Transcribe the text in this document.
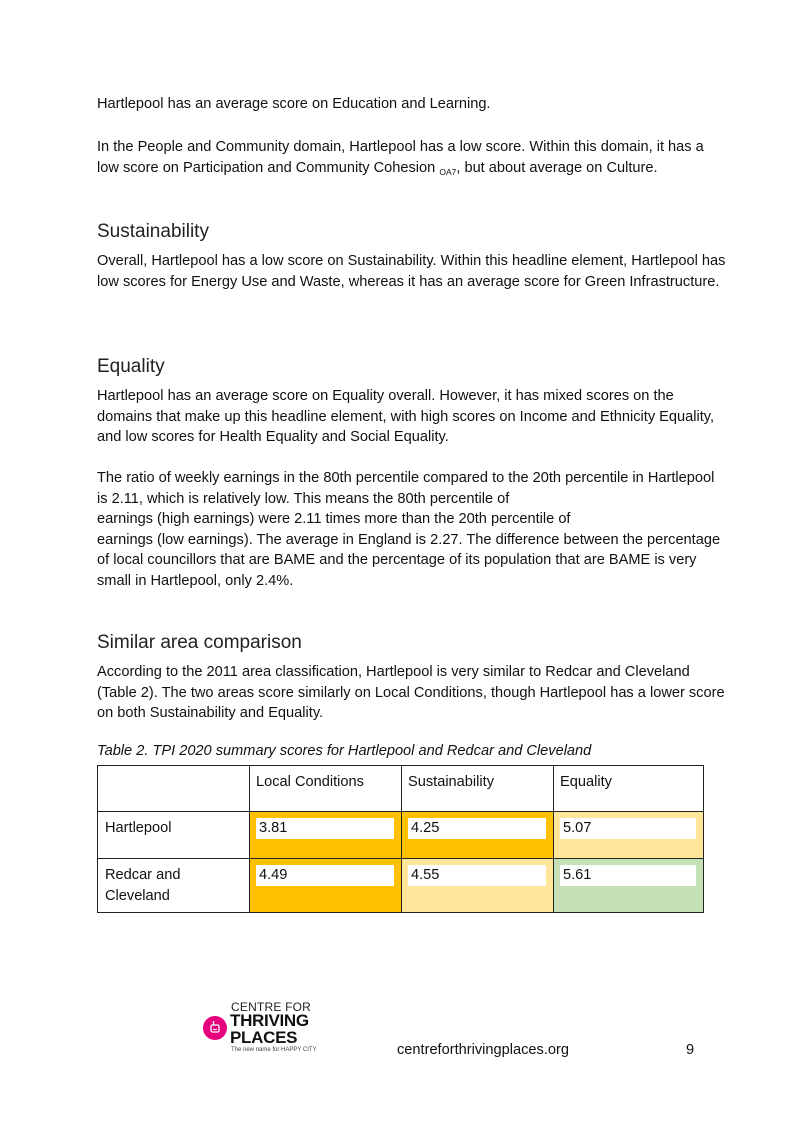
Hartlepool has an average score on Education and Learning.

In the People and Community domain, Hartlepool has a low score. Within this domain, it has a low score on Participation and Community Cohesion $_{OA7}$, but about average on Culture.

Sustainability

Overall, Hartlepool has a low score on Sustainability. Within this headline element, Hartlepool has low scores for Energy Use and Waste, whereas it has an average score for Green Infrastructure.

Equality

Hartlepool has an average score on Equality overall. However, it has mixed scores on the domains that make up this headline element, with high scores on Income and Ethnicity Equality, and low scores for Health Equality and Social Equality.

The ratio of weekly earnings in the 80th percentile compared to the 20th percentile in Hartlepool is 2.11, which is relatively low. This means the 80th percentile of
earnings (high earnings) were 2.11 times more than the 20th percentile of
earnings (low earnings). The average in England is 2.27. The difference between the percentage of local councillors that are BAME and the percentage of its population that are BAME is very small in Hartlepool, only 2.4%.

Similar area comparison

According to the 2011 area classification, Hartlepool is very similar to Redcar and Cleveland (Table 2). The two areas score similarly on Local Conditions, though Hartlepool has a lower score on both Sustainability and Equality.

Table 2. TPI 2020 summary scores for Hartlepool and Redcar and Cleveland

	Local Conditions	Sustainability	Equality
Hartlepool	3.81	4.25	5.07

Redcar and Cleveland	4.49	4.55	5.61
CENTRE FOR
THRIVING
PLACES
The new name for HAPPY CITY	centreforthrivingplaces.org	9
